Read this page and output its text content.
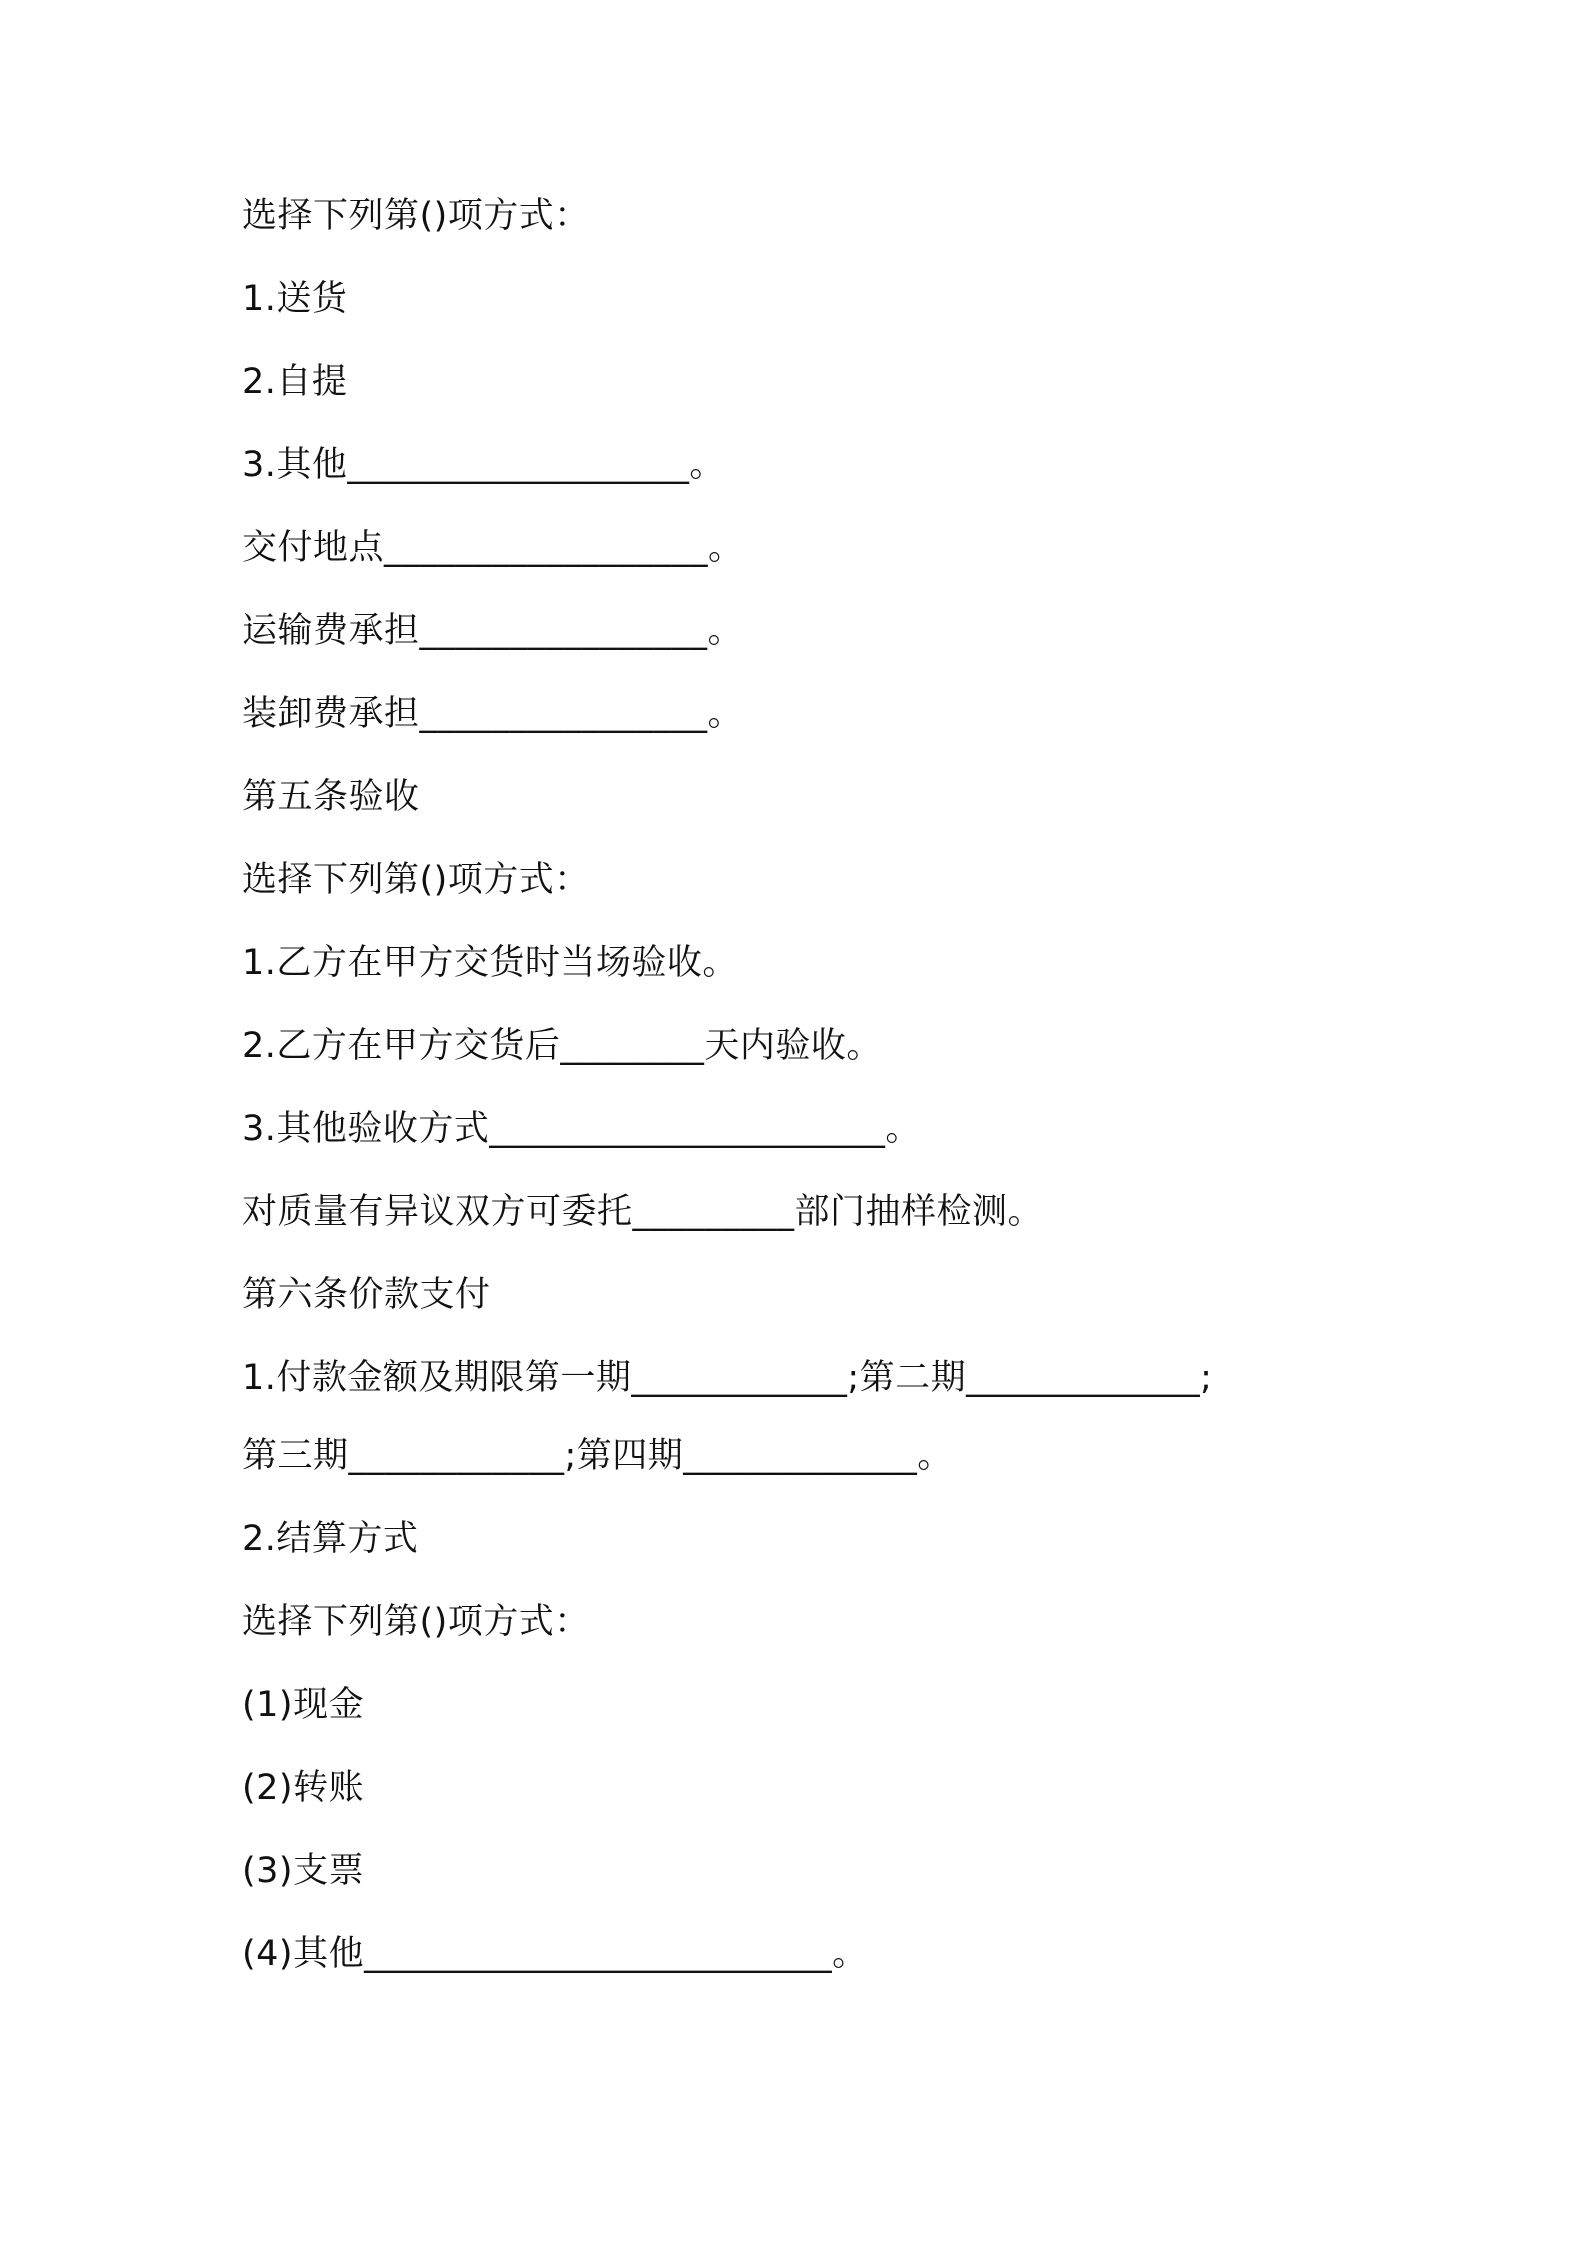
选择下列第()项方式：
1.送货
2.自提
3.其他___________________。
交付地点__________________。
运输费承担________________。
装卸费承担________________。
第五条验收
选择下列第()项方式：
1.乙方在甲方交货时当场验收。
2.乙方在甲方交货后________天内验收。
3.其他验收方式______________________。
对质量有异议双方可委托_________部门抽样检测。
第六条价款支付
1.付款金额及期限第一期____________;第二期_____________;
第三期____________;第四期_____________。
2.结算方式
选择下列第()项方式：
(1)现金
(2)转账
(3)支票
(4)其他__________________________。
